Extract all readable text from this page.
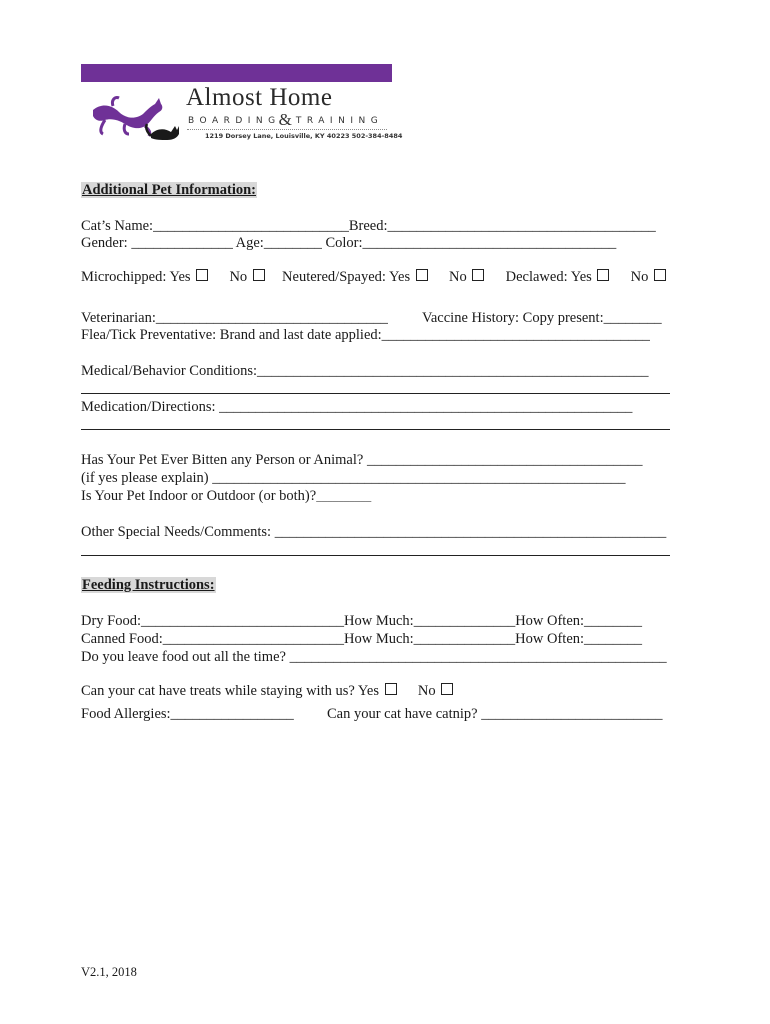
Almost Home
BOARDING& TRAINING
1219 Dorsey Lane, Louisville, KY 40223 502-384-8484
Additional Pet Information:
Cat’s Name:___________________________Breed:_____________________________________
Gender: ______________ Age:________ Color:___________________________________
Microchipped: Yes	No Neutered/Spayed: Yes	No	Declawed: Yes	No
Veterinarian:________________________________ Vaccine History: Copy present:________
Flea/Tick Preventative: Brand and last date applied:_____________________________________
Medical/Behavior Conditions:______________________________________________________
Medication/Directions: _________________________________________________________
Has Your Pet Ever Bitten any Person or Animal? ______________________________________
(if yes please explain) _________________________________________________________
Is Your Pet Indoor or Outdoor (or both)?__________
Other Special Needs/Comments: ______________________________________________________
Feeding Instructions:
Dry Food:____________________________How Much:______________How Often:________
Canned Food:_________________________How Much:______________How Often:________
Do you leave food out all the time? ____________________________________________________
Can your cat have treats while staying with us? Yes	No
Food Allergies:_________________ Can your cat have catnip? _________________________
V2.1, 2018
